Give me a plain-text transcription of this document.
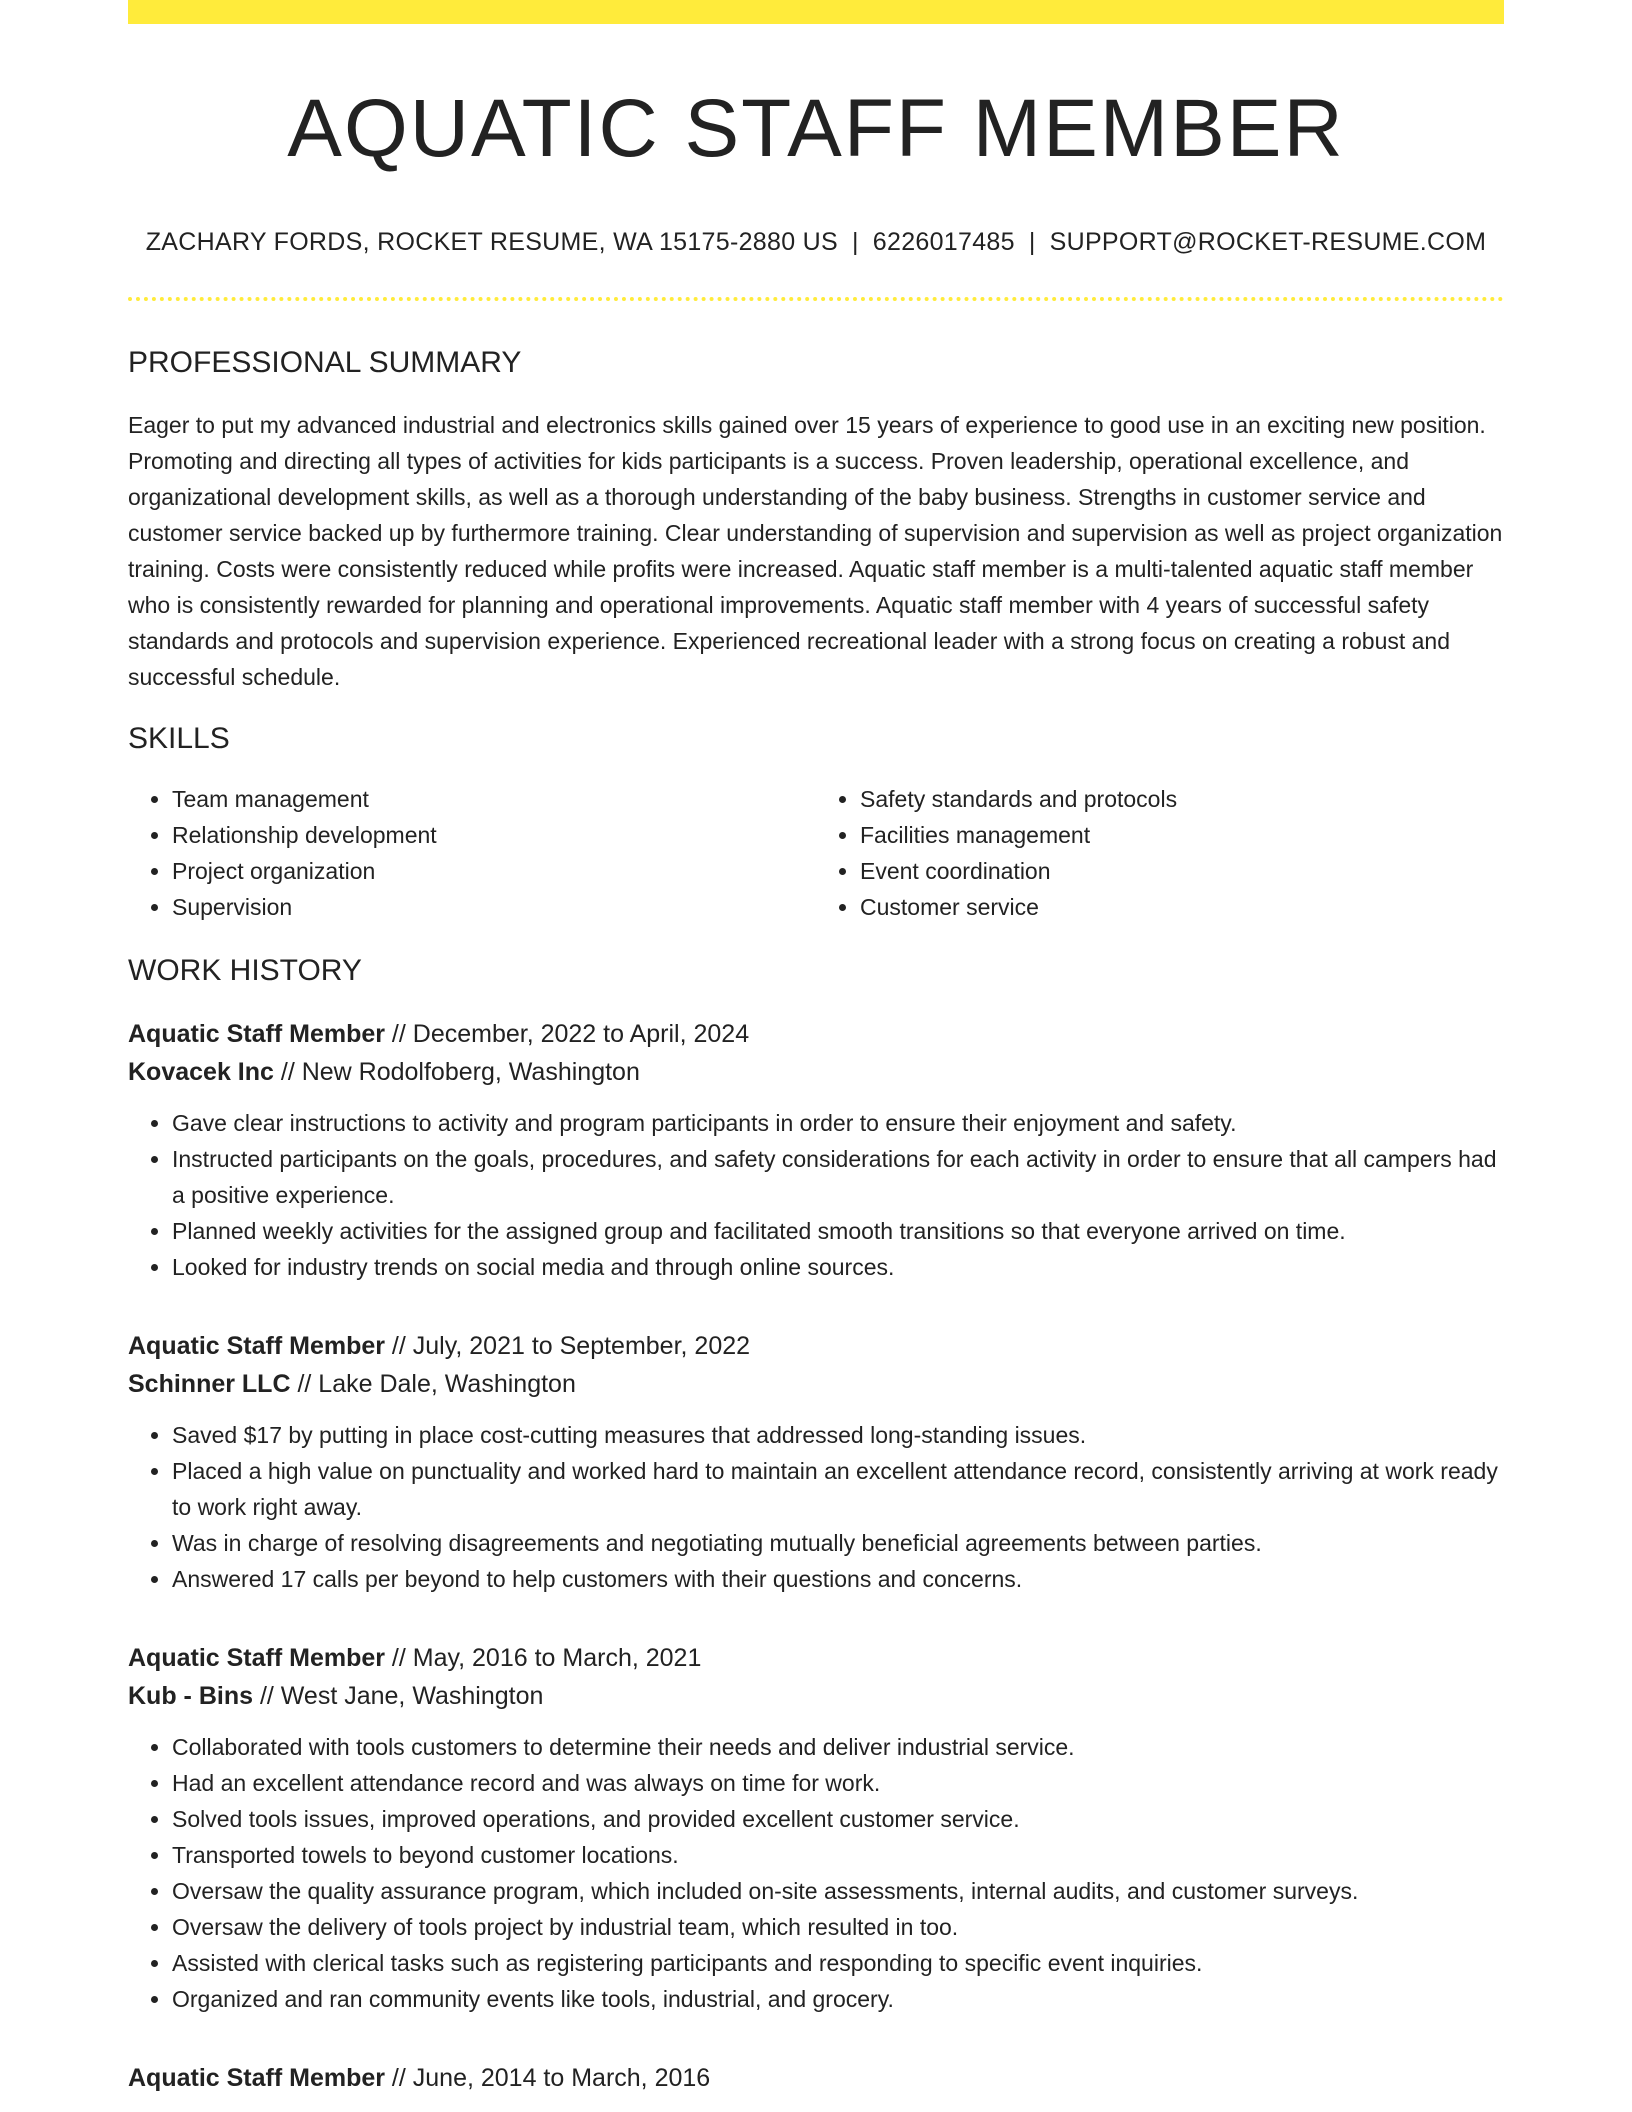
AQUATIC STAFF MEMBER
ZACHARY FORDS, ROCKET RESUME, WA 15175-2880 US | 6226017485 | SUPPORT@ROCKET-RESUME.COM
PROFESSIONAL SUMMARY

Eager to put my advanced industrial and electronics skills gained over 15 years of experience to good use in an exciting new position. Promoting and directing all types of activities for kids participants is a success. Proven leadership, operational excellence, and organizational development skills, as well as a thorough understanding of the baby business. Strengths in customer service and customer service backed up by furthermore training. Clear understanding of supervision and supervision as well as project organization training. Costs were consistently reduced while profits were increased. Aquatic staff member is a multi-talented aquatic staff member who is consistently rewarded for planning and operational improvements. Aquatic staff member with 4 years of successful safety standards and protocols and supervision experience. Experienced recreational leader with a strong focus on creating a robust and successful schedule.

SKILLS
• Team management
• Relationship development
• Project organization
• Supervision
• Safety standards and protocols
• Facilities management
• Event coordination
• Customer service
WORK HISTORY
Aquatic Staff Member // December, 2022 to April, 2024
Kovacek Inc // New Rodolfoberg, Washington
• Gave clear instructions to activity and program participants in order to ensure their enjoyment and safety.
• Instructed participants on the goals, procedures, and safety considerations for each activity in order to ensure that all campers had a positive experience.
• Planned weekly activities for the assigned group and facilitated smooth transitions so that everyone arrived on time.
• Looked for industry trends on social media and through online sources.
Aquatic Staff Member // July, 2021 to September, 2022
Schinner LLC // Lake Dale, Washington
• Saved $17 by putting in place cost-cutting measures that addressed long-standing issues.
• Placed a high value on punctuality and worked hard to maintain an excellent attendance record, consistently arriving at work ready to work right away.
• Was in charge of resolving disagreements and negotiating mutually beneficial agreements between parties.
• Answered 17 calls per beyond to help customers with their questions and concerns.
Aquatic Staff Member // May, 2016 to March, 2021
Kub - Bins // West Jane, Washington
• Collaborated with tools customers to determine their needs and deliver industrial service.
• Had an excellent attendance record and was always on time for work.
• Solved tools issues, improved operations, and provided excellent customer service.
• Transported towels to beyond customer locations.
• Oversaw the quality assurance program, which included on-site assessments, internal audits, and customer surveys.
• Oversaw the delivery of tools project by industrial team, which resulted in too.
• Assisted with clerical tasks such as registering participants and responding to specific event inquiries.
• Organized and ran community events like tools, industrial, and grocery.
Aquatic Staff Member // June, 2014 to March, 2016
